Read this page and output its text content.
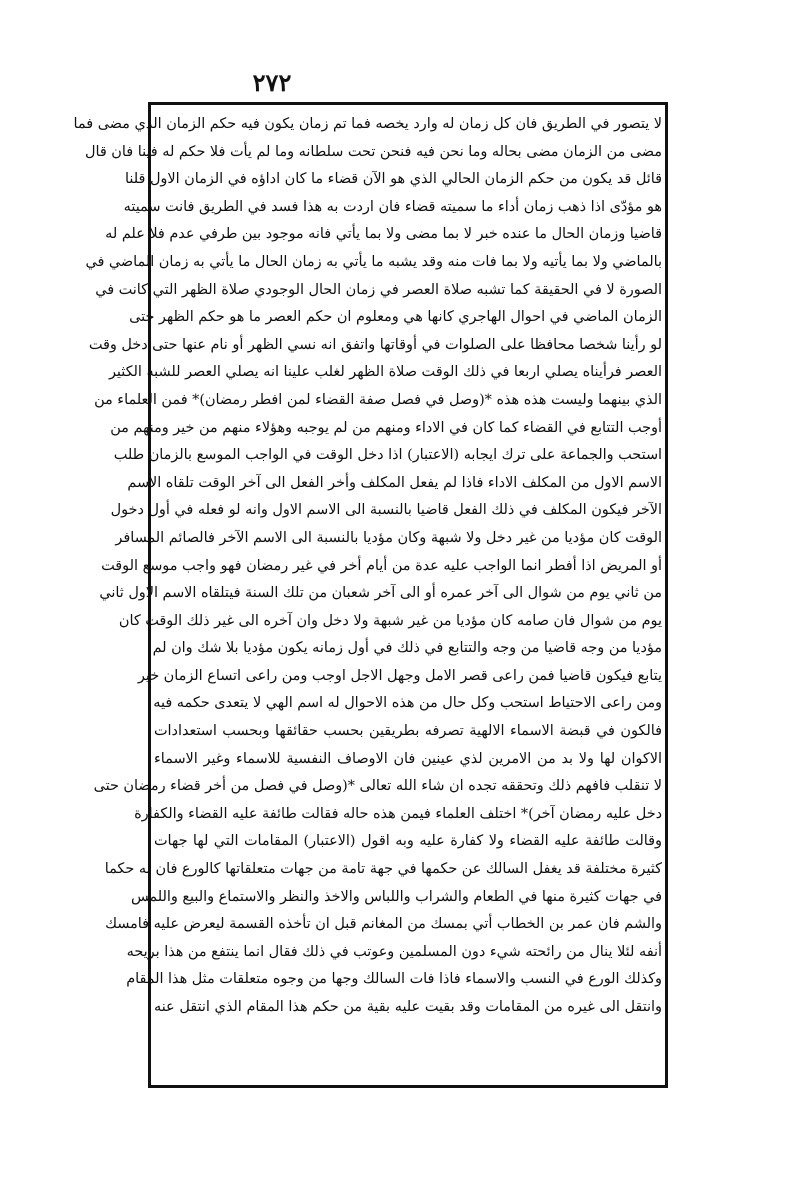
٢٧٢
لا يتصور في الطريق فان كل زمان له وارد يخصه فما تم زمان يكون فيه حكم الزمان الذي مضى فما
مضى من الزمان مضى بحاله وما نحن فيه فنحن تحت سلطانه وما لم يأت فلا حكم له فينا فان قال
قائل قد يكون من حكم الزمان الحالي الذي هو الآن قضاء ما كان اداؤه في الزمان الاول قلنا
هو مؤدّى اذا ذهب زمان أداء ما سميته قضاء فان اردت به هذا فسد في الطريق فانت سميته
قاضيا وزمان الحال ما عنده خبر لا بما مضى ولا بما يأتي فانه موجود بين طرفي عدم فلا علم له
بالماضي ولا بما يأتيه ولا بما فات منه وقد يشبه ما يأتي به زمان الحال ما يأتي به زمان الماضي في
الصورة لا في الحقيقة كما تشبه صلاة العصر في زمان الحال الوجودي صلاة الظهر التي كانت في
الزمان الماضي في احوال الهاجري كانها هي ومعلوم ان حكم العصر ما هو حكم الظهر حتى
لو رأينا شخصا محافظا على الصلوات في أوقاتها واتفق انه نسي الظهر أو نام عنها حتى دخل وقت
العصر فرأيناه يصلي اربعا في ذلك الوقت صلاة الظهر لغلب علينا انه يصلي العصر للشبه الكثير
الذي بينهما وليست هذه هذه *(وصل في فصل صفة القضاء لمن افطر رمضان)* فمن العلماء من
أوجب التتابع في القضاء كما كان في الاداء ومنهم من لم يوجبه وهؤلاء منهم من خير ومنهم من
استحب والجماعة على ترك ايجابه (الاعتبار) اذا دخل الوقت في الواجب الموسع بالزمان طلب
الاسم الاول من المكلف الاداء فاذا لم يفعل المكلف وأخر الفعل الى آخر الوقت تلقاه الاسم
الآخر فيكون المكلف في ذلك الفعل قاضيا بالنسبة الى الاسم الاول وانه لو فعله في أول دخول
الوقت كان مؤديا من غير دخل ولا شبهة وكان مؤديا بالنسبة الى الاسم الآخر فالصائم المسافر
أو المريض اذا أفطر انما الواجب عليه عدة من أيام أخر في غير رمضان فهو واجب موسع الوقت
من ثاني يوم من شوال الى آخر عمره أو الى آخر شعبان من تلك السنة فيتلقاه الاسم الاول ثاني
يوم من شوال فان صامه كان مؤديا من غير شبهة ولا دخل وان آخره الى غير ذلك الوقت كان
مؤديا من وجه قاضيا من وجه والتتابع في ذلك في أول زمانه يكون مؤديا بلا شك وان لم
يتابع فيكون قاضيا فمن راعى قصر الامل وجهل الاجل اوجب ومن راعى اتساع الزمان خير
ومن راعى الاحتياط استحب وكل حال من هذه الاحوال له اسم الهي لا يتعدى حكمه فيه
فالكون في قبضة الاسماء الالهية تصرفه بطريقين بحسب حقائقها وبحسب استعدادات
الاكوان لها ولا بد من الامرين لذي عينين فان الاوصاف النفسية للاسماء وغير الاسماء
لا تنقلب فافهم ذلك وتحققه تجده ان شاء الله تعالى *(وصل في فصل من أخر قضاء رمضان حتى
دخل عليه رمضان آخر)* اختلف العلماء فيمن هذه حاله فقالت طائفة عليه القضاء والكفارة
وقالت طائفة عليه القضاء ولا كفارة عليه وبه اقول (الاعتبار) المقامات التي لها جهات
كثيرة مختلفة قد يغفل السالك عن حكمها في جهة تامة من جهات متعلقاتها كالورع فان له حكما
في جهات كثيرة منها في الطعام والشراب واللباس والاخذ والنظر والاستماع والبيع واللمس
والشم فان عمر بن الخطاب أتي بمسك من المغانم قبل ان تأخذه القسمة ليعرض عليه فامسك
أنفه لئلا ينال من رائحته شيء دون المسلمين وعوتب في ذلك فقال انما ينتفع من هذا بريحه
وكذلك الورع في النسب والاسماء فاذا فات السالك وجها من وجوه متعلقات مثل هذا المقام
وانتقل الى غيره من المقامات وقد بقيت عليه بقية من حكم هذا المقام الذي انتقل عنه
